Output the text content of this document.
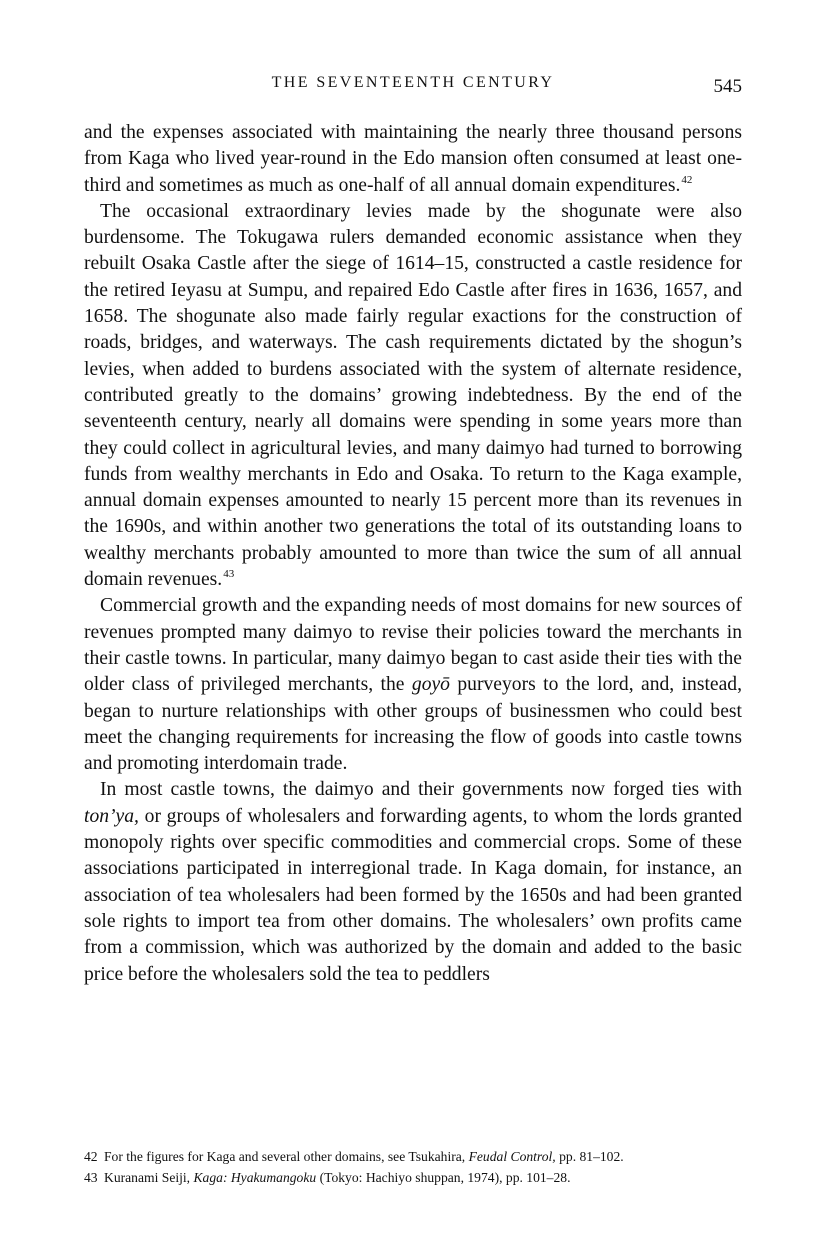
THE SEVENTEENTH CENTURY	545

and the expenses associated with maintaining the nearly three thousand persons from Kaga who lived year-round in the Edo mansion often consumed at least one-third and sometimes as much as one-half of all annual domain expenditures.$^{42}$

The occasional extraordinary levies made by the shogunate were also burdensome. The Tokugawa rulers demanded economic assistance when they rebuilt Osaka Castle after the siege of 1614–15, constructed a castle residence for the retired Ieyasu at Sumpu, and repaired Edo Castle after fires in 1636, 1657, and 1658. The shogunate also made fairly regular exactions for the construction of roads, bridges, and waterways. The cash requirements dictated by the shogun’s levies, when added to burdens associated with the system of alternate residence, contributed greatly to the domains’ growing indebtedness. By the end of the seventeenth century, nearly all domains were spending in some years more than they could collect in agricultural levies, and many daimyo had turned to borrowing funds from wealthy merchants in Edo and Osaka. To return to the Kaga example, annual domain expenses amounted to nearly 15 percent more than its revenues in the 1690s, and within another two generations the total of its outstanding loans to wealthy merchants probably amounted to more than twice the sum of all annual domain revenues.$^{43}$

Commercial growth and the expanding needs of most domains for new sources of revenues prompted many daimyo to revise their policies toward the merchants in their castle towns. In particular, many daimyo began to cast aside their ties with the older class of privileged merchants, the goyō purveyors to the lord, and, instead, began to nurture relationships with other groups of businessmen who could best meet the changing requirements for increasing the flow of goods into castle towns and promoting interdomain trade.

In most castle towns, the daimyo and their governments now forged ties with ton’ya, or groups of wholesalers and forwarding agents, to whom the lords granted monopoly rights over specific commodities and commercial crops. Some of these associations participated in interregional trade. In Kaga domain, for instance, an association of tea wholesalers had been formed by the 1650s and had been granted sole rights to import tea from other domains. The wholesalers’ own profits came from a commission, which was authorized by the domain and added to the basic price before the wholesalers sold the tea to peddlers

42 For the figures for Kaga and several other domains, see Tsukahira, Feudal Control, pp. 81–102.

43 Kuranami Seiji, Kaga: Hyakumangoku (Tokyo: Hachiyo shuppan, 1974), pp. 101–28.
